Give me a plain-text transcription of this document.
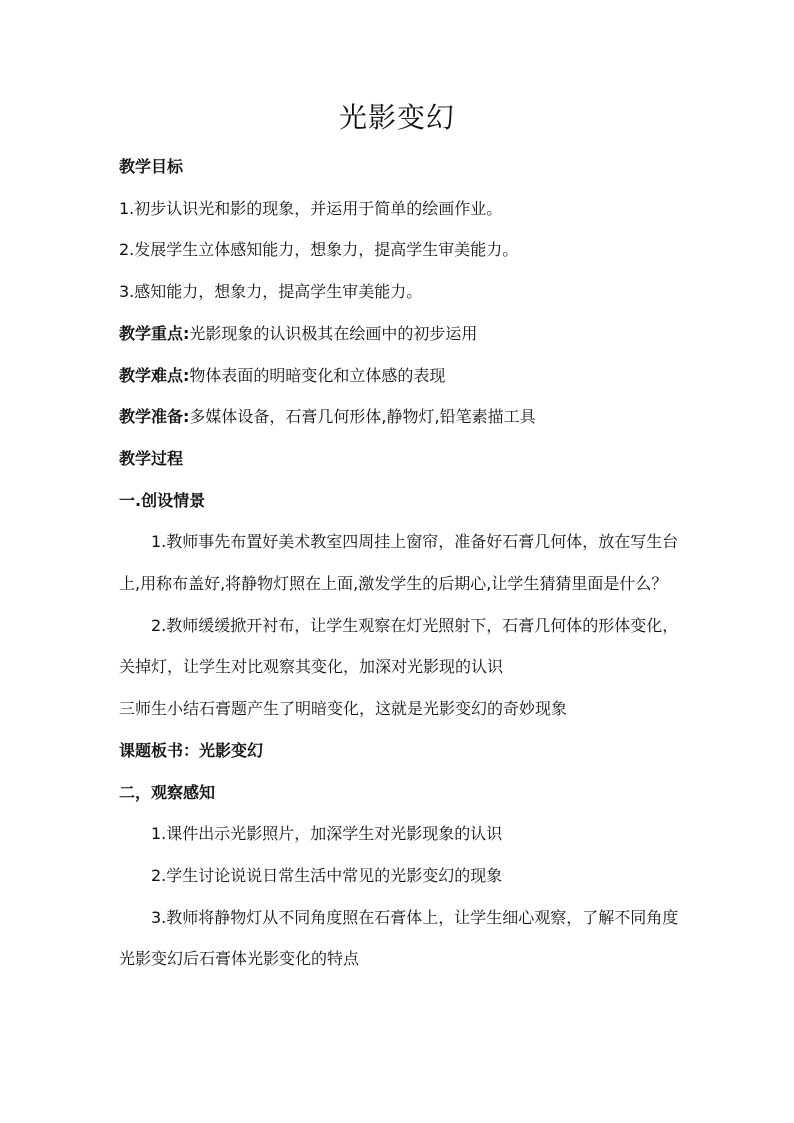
光影变幻

教学目标

1.初步认识光和影的现象，并运用于简单的绘画作业。

2.发展学生立体感知能力，想象力，提高学生审美能力。

3.感知能力，想象力，提高学生审美能力。

教学重点:光影现象的认识极其在绘画中的初步运用

教学难点:物体表面的明暗变化和立体感的表现

教学准备:多媒体设备，石膏几何形体,静物灯,铅笔素描工具

教学过程

一.创设情景

1.教师事先布置好美术教室四周挂上窗帘，准备好石膏几何体，放在写生台上,用称布盖好,将静物灯照在上面,激发学生的后期心,让学生猜猜里面是什么？

2.教师缓缓掀开衬布，让学生观察在灯光照射下，石膏几何体的形体变化，关掉灯，让学生对比观察其变化，加深对光影现的认识

三师生小结石膏题产生了明暗变化，这就是光影变幻的奇妙现象

课题板书：光影变幻

二，观察感知

1.课件出示光影照片，加深学生对光影现象的认识

2.学生讨论说说日常生活中常见的光影变幻的现象

3.教师将静物灯从不同角度照在石膏体上，让学生细心观察，了解不同角度光影变幻后石膏体光影变化的特点
